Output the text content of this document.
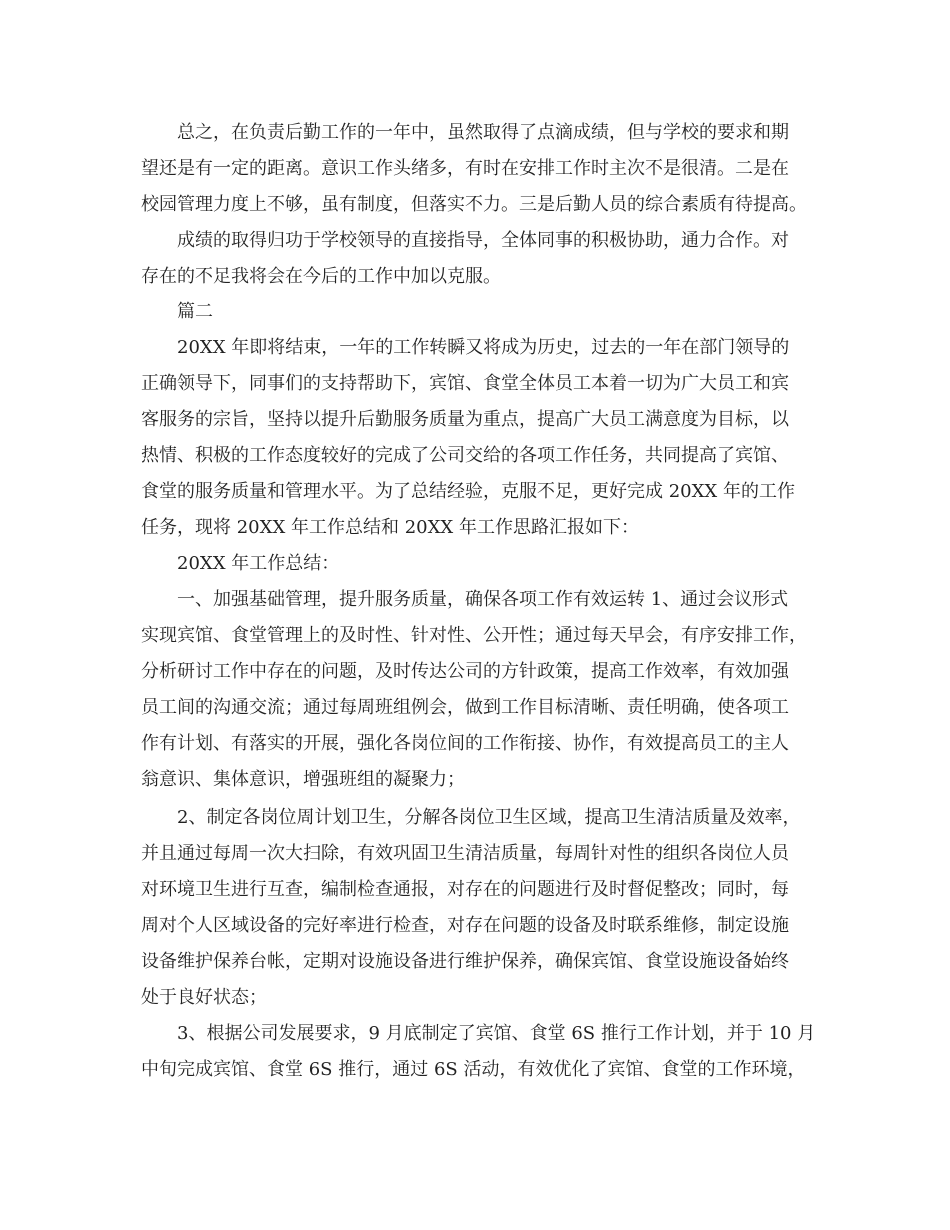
总之，在负责后勤工作的一年中，虽然取得了点滴成绩，但与学校的要求和期
望还是有一定的距离。意识工作头绪多，有时在安排工作时主次不是很清。二是在
校园管理力度上不够，虽有制度，但落实不力。三是后勤人员的综合素质有待提高。
成绩的取得归功于学校领导的直接指导，全体同事的积极协助，通力合作。对
存在的不足我将会在今后的工作中加以克服。
篇二
20XX 年即将结束，一年的工作转瞬又将成为历史，过去的一年在部门领导的
正确领导下，同事们的支持帮助下，宾馆、食堂全体员工本着一切为广大员工和宾
客服务的宗旨，坚持以提升后勤服务质量为重点，提高广大员工满意度为目标，以
热情、积极的工作态度较好的完成了公司交给的各项工作任务，共同提高了宾馆、
食堂的服务质量和管理水平。为了总结经验，克服不足，更好完成 20XX 年的工作
任务，现将 20XX 年工作总结和 20XX 年工作思路汇报如下：
20XX 年工作总结：
一、加强基础管理，提升服务质量，确保各项工作有效运转 1、通过会议形式
实现宾馆、食堂管理上的及时性、针对性、公开性；通过每天早会，有序安排工作，
分析研讨工作中存在的问题，及时传达公司的方针政策，提高工作效率，有效加强
员工间的沟通交流；通过每周班组例会，做到工作目标清晰、责任明确，使各项工
作有计划、有落实的开展，强化各岗位间的工作衔接、协作，有效提高员工的主人
翁意识、集体意识，增强班组的凝聚力；
2、制定各岗位周计划卫生，分解各岗位卫生区域，提高卫生清洁质量及效率，
并且通过每周一次大扫除，有效巩固卫生清洁质量，每周针对性的组织各岗位人员
对环境卫生进行互查，编制检查通报，对存在的问题进行及时督促整改；同时，每
周对个人区域设备的完好率进行检查，对存在问题的设备及时联系维修，制定设施
设备维护保养台帐，定期对设施设备进行维护保养，确保宾馆、食堂设施设备始终
处于良好状态；
3、根据公司发展要求，9 月底制定了宾馆、食堂 6S 推行工作计划，并于 10 月
中旬完成宾馆、食堂 6S 推行，通过 6S 活动，有效优化了宾馆、食堂的工作环境，
